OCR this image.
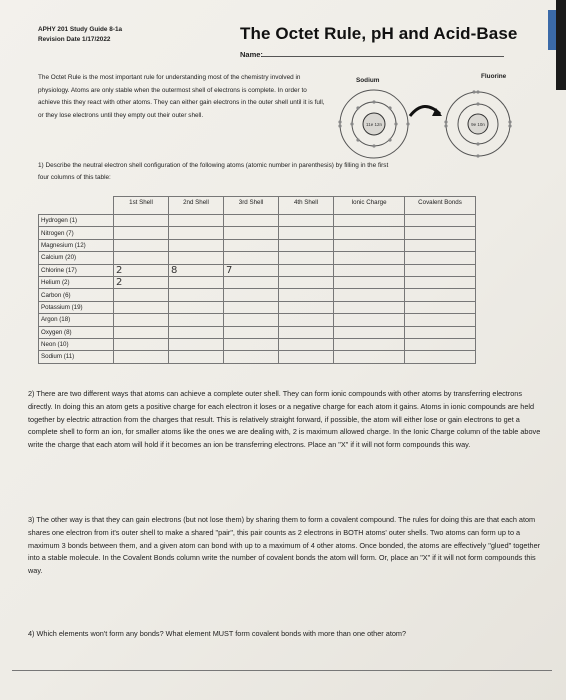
APHY 201 Study Guide 8-1a
Revision Date 1/17/2022	The Octet Rule, pH and Acid-Base
Name:
The Octet Rule is the most important rule for understanding most of the chemistry involved in physiology. Atoms are only stable when the outermost shell of electrons is complete. In order to achieve this they react with other atoms. They can either gain electrons in the outer shell until it is full, or they lose electrons until they empty out their outer shell.
Sodium
Fluorine
11e 12n	9e 10n
1) Describe the neutral electron shell configuration of the following atoms (atomic number in parenthesis) by filling in the first four columns of this table:
	1st Shell	2nd Shell	3rd Shell	4th Shell	Ionic Charge	Covalent Bonds
Hydrogen (1)						
Nitrogen (7)						
Magnesium (12)						
Calcium (20)						
Chlorine (17)	2	8	7			
Helium (2)	2					
Carbon (6)						
Potassium (19)						
Argon (18)						
Oxygen (8)						
Neon (10)						
Sodium (11)						
2) There are two different ways that atoms can achieve a complete outer shell. They can form ionic compounds with other atoms by transferring electrons directly. In doing this an atom gets a positive charge for each electron it loses or a negative charge for each atom it gains. Atoms in ionic compounds are held together by electric attraction from the charges that result. This is relatively straight forward, if possible, the atom will either lose or gain electrons to get a complete shell to form an ion, for smaller atoms like the ones we are dealing with, 2 is maximum allowed charge. In the Ionic Charge column of the table above write the charge that each atom will hold if it becomes an ion be transferring electrons. Place an "X" if it will not form compounds this way.
3) The other way is that they can gain electrons (but not lose them) by sharing them to form a covalent compound. The rules for doing this are that each atom shares one electron from it's outer shell to make a shared "pair", this pair counts as 2 electrons in BOTH atoms' outer shells. Two atoms can form up to a maximum 3 bonds between them, and a given atom can bond with up to a maximum of 4 other atoms. Once bonded, the atoms are effectively "glued" together into a stable molecule. In the Covalent Bonds column write the number of covalent bonds the atom will form. Or, place an "X" if it will not form compounds this way.
4) Which elements won't form any bonds? What element MUST form covalent bonds with more than one other atom?
